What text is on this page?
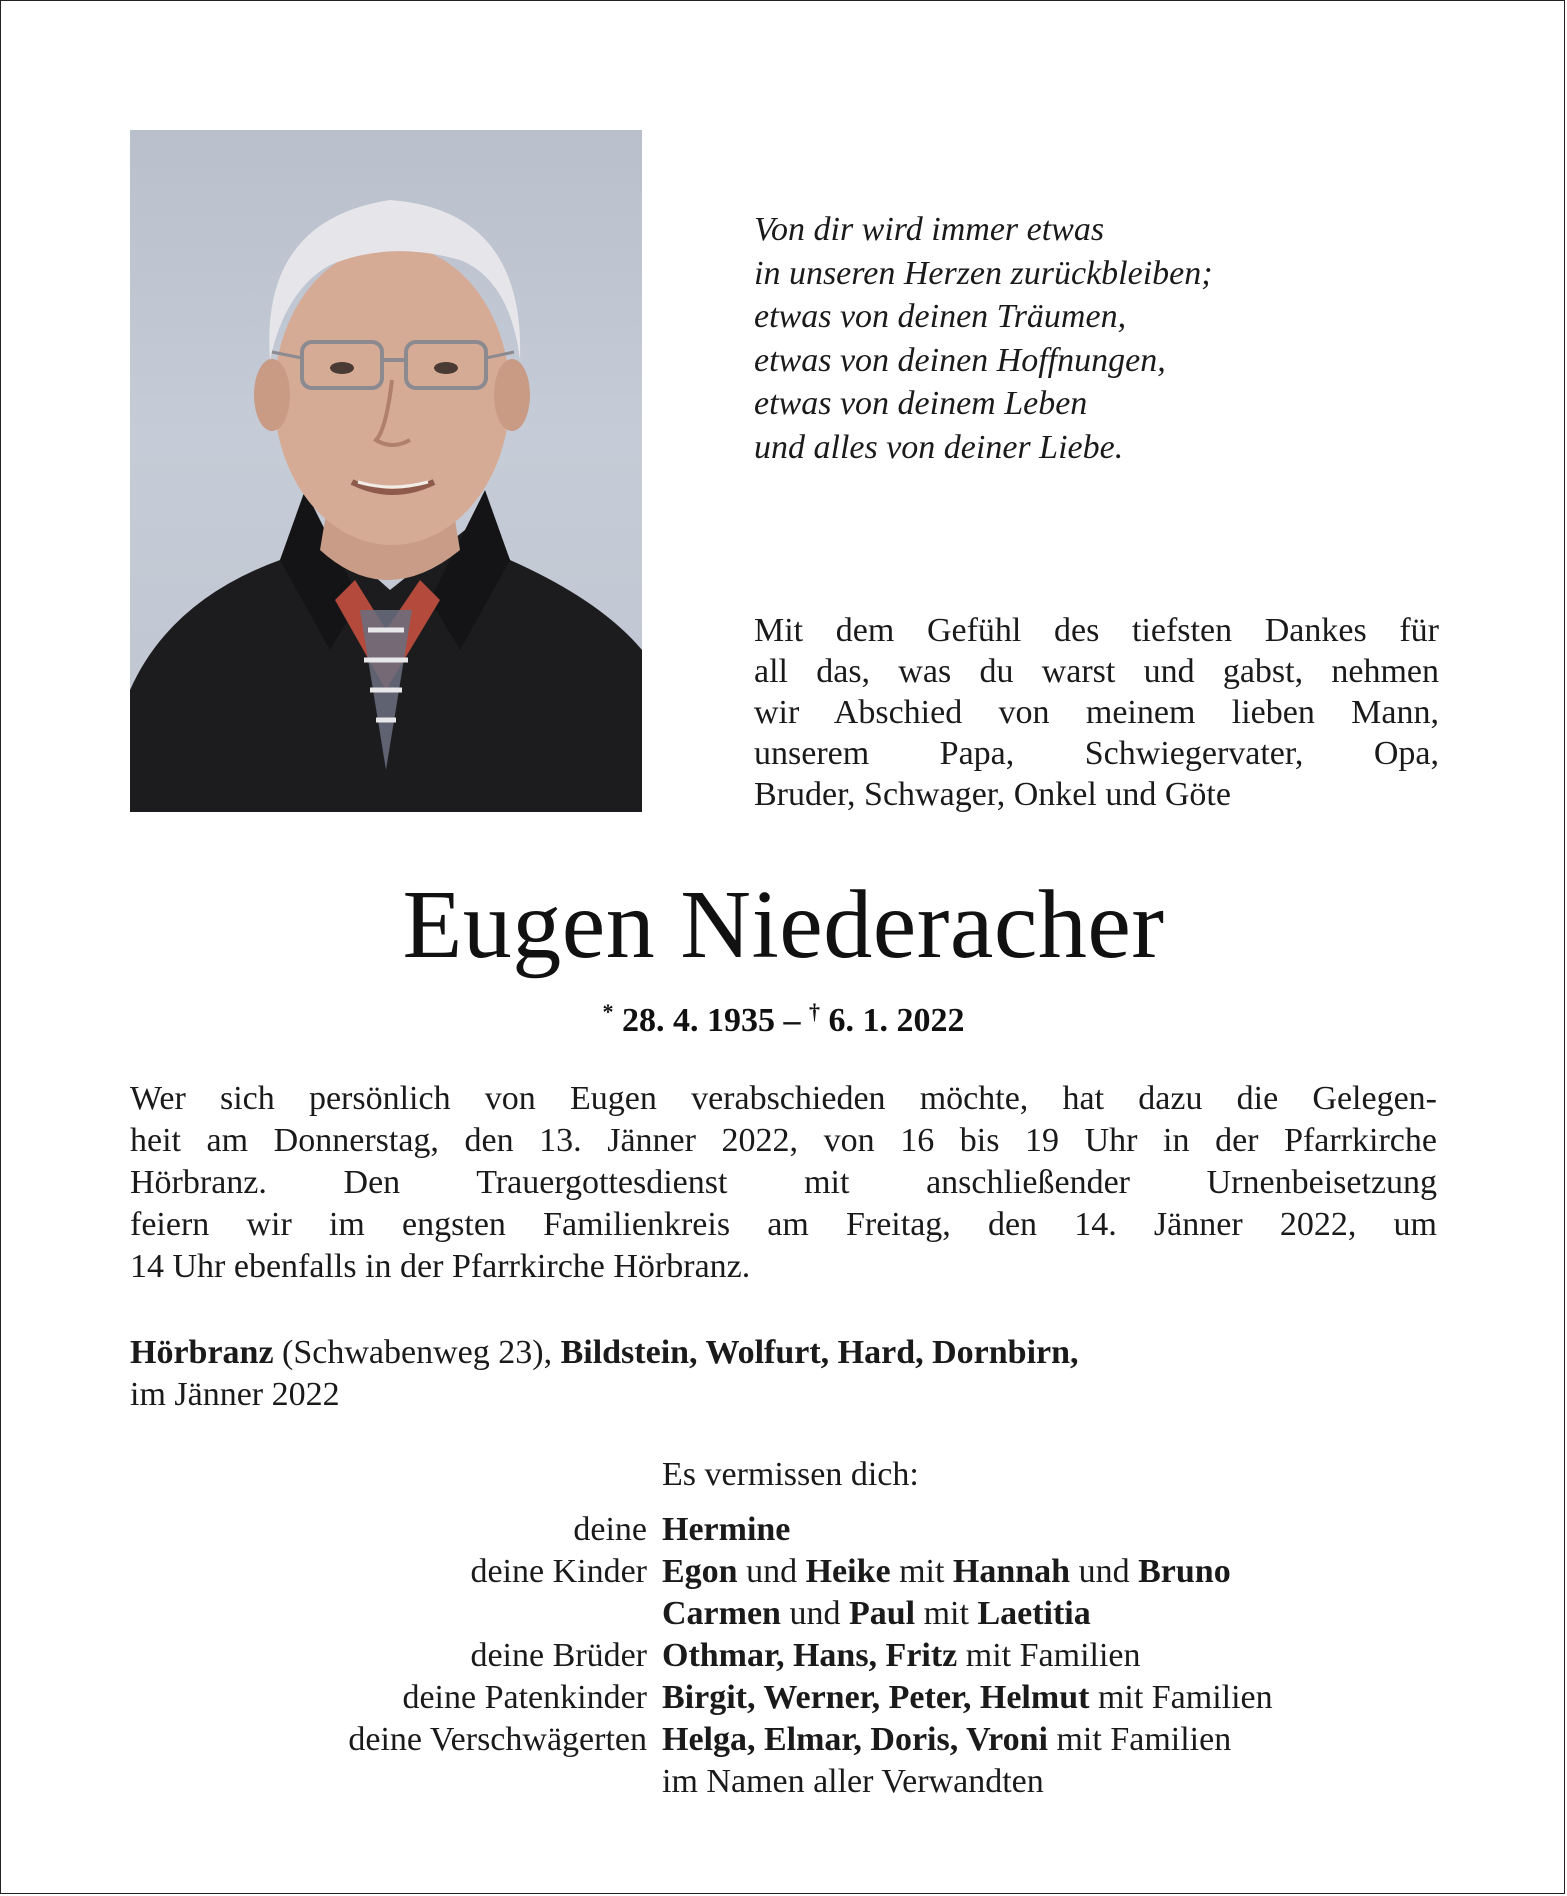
Von dir wird immer etwas
in unseren Herzen zurückbleiben;
etwas von deinen Träumen,
etwas von deinen Hoffnungen,
etwas von deinem Leben
und alles von deiner Liebe.
Mit dem Gefühl des tiefsten Dankes für
all das, was du warst und gabst, nehmen
wir Abschied von meinem lieben Mann,
unserem Papa, Schwiegervater, Opa,
Bruder, Schwager, Onkel und Göte
Eugen Niederacher
* 28. 4. 1935 – † 6. 1. 2022
Wer sich persönlich von Eugen verabschieden möchte, hat dazu die Gelegen-
heit am Donnerstag, den 13. Jänner 2022, von 16 bis 19 Uhr in der Pfarrkirche
Hörbranz. Den Trauergottesdienst mit anschließender Urnenbeisetzung
feiern wir im engsten Familienkreis am Freitag, den 14. Jänner 2022, um
14 Uhr ebenfalls in der Pfarrkirche Hörbranz.
Hörbranz (Schwabenweg 23), Bildstein, Wolfurt, Hard, Dornbirn,
im Jänner 2022
Es vermissen dich:
deine Hermine
deine Kinder Egon und Heike mit Hannah und Bruno
Carmen und Paul mit Laetitia
deine Brüder Othmar, Hans, Fritz mit Familien
deine Patenkinder Birgit, Werner, Peter, Helmut mit Familien
deine Verschwägerten Helga, Elmar, Doris, Vroni mit Familien
im Namen aller Verwandten
